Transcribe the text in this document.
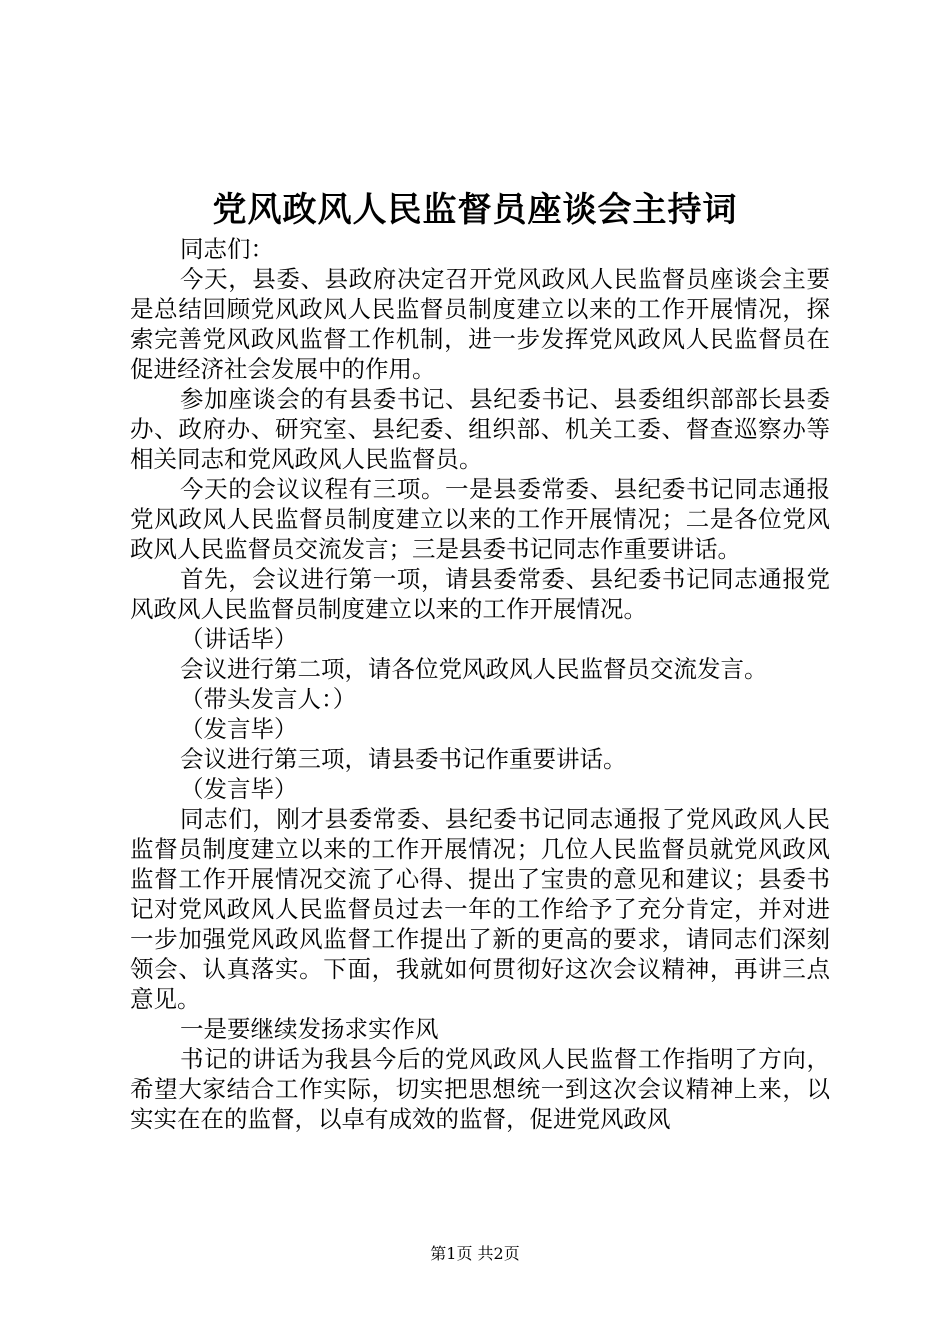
党风政风人民监督员座谈会主持词

同志们：

今天，县委、县政府决定召开党风政风人民监督员座谈会主要是总结回顾党风政风人民监督员制度建立以来的工作开展情况，探索完善党风政风监督工作机制，进一步发挥党风政风人民监督员在促进经济社会发展中的作用。

参加座谈会的有县委书记、县纪委书记、县委组织部部长县委办、政府办、研究室、县纪委、组织部、机关工委、督查巡察办等相关同志和党风政风人民监督员。

今天的会议议程有三项。一是县委常委、县纪委书记同志通报党风政风人民监督员制度建立以来的工作开展情况；二是各位党风政风人民监督员交流发言；三是县委书记同志作重要讲话。

首先，会议进行第一项，请县委常委、县纪委书记同志通报党风政风人民监督员制度建立以来的工作开展情况。

（讲话毕）

会议进行第二项，请各位党风政风人民监督员交流发言。

（带头发言人：）

（发言毕）

会议进行第三项，请县委书记作重要讲话。

（发言毕）

同志们，刚才县委常委、县纪委书记同志通报了党风政风人民监督员制度建立以来的工作开展情况；几位人民监督员就党风政风监督工作开展情况交流了心得、提出了宝贵的意见和建议；县委书记对党风政风人民监督员过去一年的工作给予了充分肯定，并对进一步加强党风政风监督工作提出了新的更高的要求，请同志们深刻领会、认真落实。下面，我就如何贯彻好这次会议精神，再讲三点意见。

一是要继续发扬求实作风

书记的讲话为我县今后的党风政风人民监督工作指明了方向，希望大家结合工作实际，切实把思想统一到这次会议精神上来，以实实在在的监督，以卓有成效的监督，促进党风政风

第1页 共2页
